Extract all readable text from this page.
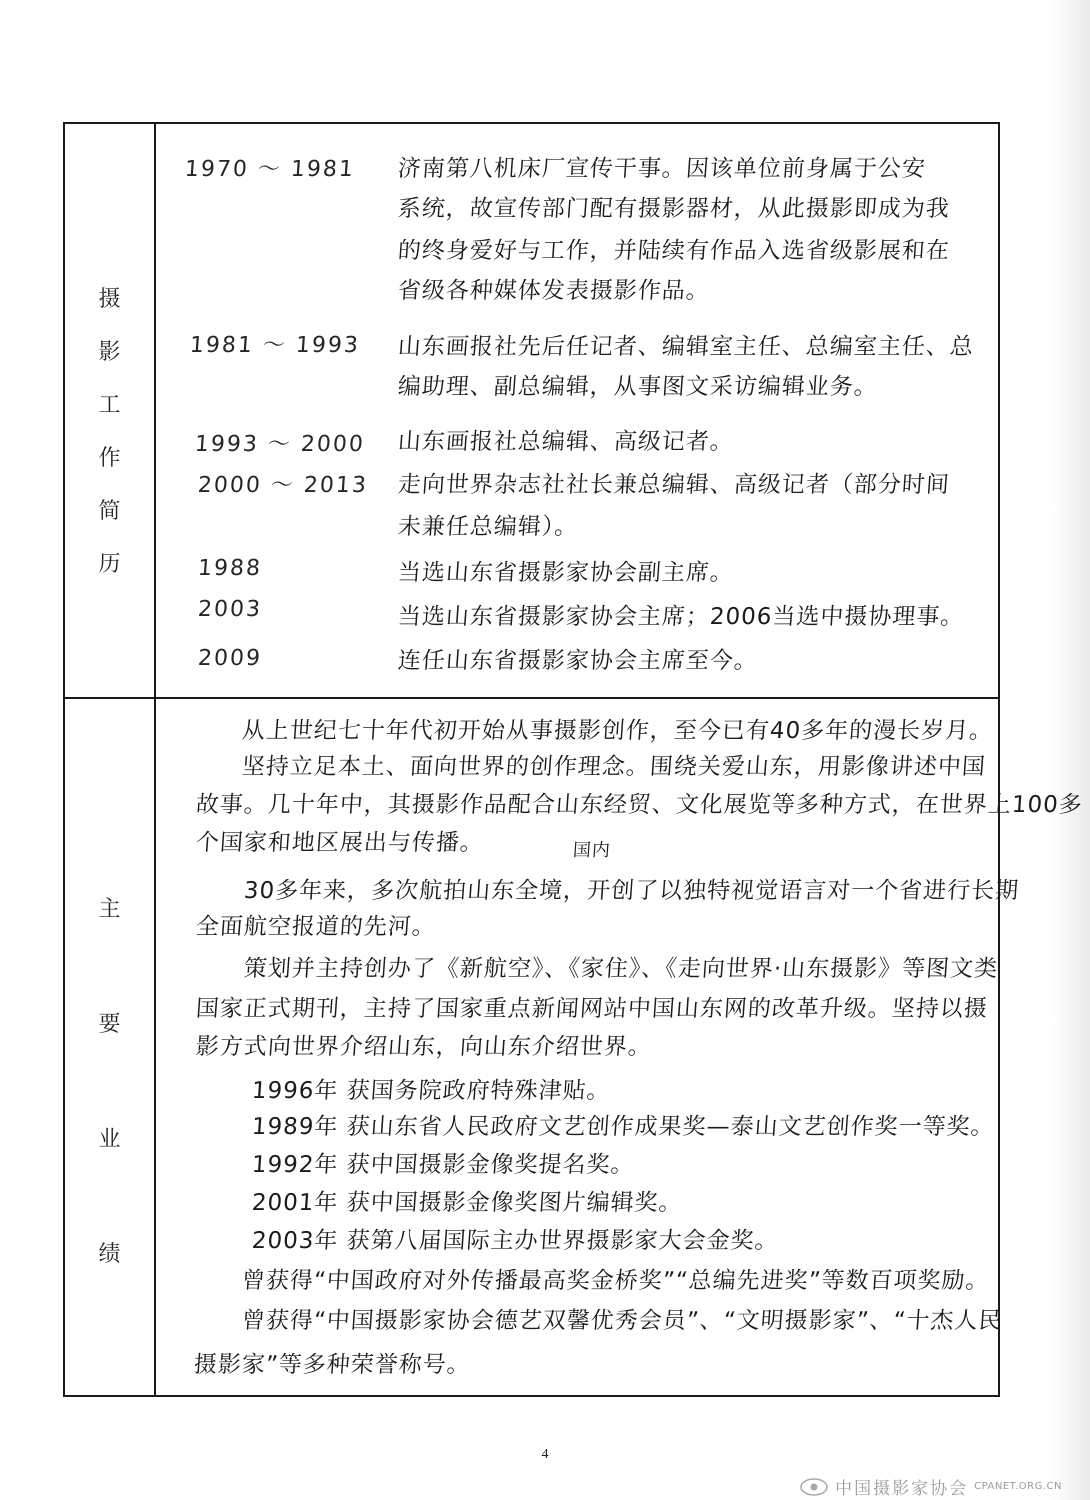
摄
影
工
作
简
历
主
要
业
绩
1970 ～ 1981 济南第八机床厂宣传干事。因该单位前身属于公安
系统，故宣传部门配有摄影器材，从此摄影即成为我
的终身爱好与工作，并陆续有作品入选省级影展和在
省级各种媒体发表摄影作品。
1981 ～ 1993 山东画报社先后任记者、编辑室主任、总编室主任、总
编助理、副总编辑，从事图文采访编辑业务。
1993 ～ 2000 山东画报社总编辑、高级记者。
2000 ～ 2013 走向世界杂志社社长兼总编辑、高级记者（部分时间
未兼任总编辑）。
1988	当选山东省摄影家协会副主席。
2003	当选山东省摄影家协会主席；2006当选中摄协理事。
2009	连任山东省摄影家协会主席至今。
从上世纪七十年代初开始从事摄影创作，至今已有40多年的漫长岁月。
坚持立足本土、面向世界的创作理念。围绕关爱山东，用影像讲述中国
故事。几十年中，其摄影作品配合山东经贸、文化展览等多种方式，在世界上100多
个国家和地区展出与传播。	国内
30多年来，多次航拍山东全境，开创了以独特视觉语言对一个省进行长期
全面航空报道的先河。
策划并主持创办了《新航空》、《家住》、《走向世界·山东摄影》等图文类
国家正式期刊，主持了国家重点新闻网站中国山东网的改革升级。坚持以摄
影方式向世界介绍山东，向山东介绍世界。
1996年 获国务院政府特殊津贴。
1989年 获山东省人民政府文艺创作成果奖—泰山文艺创作奖一等奖。
1992年 获中国摄影金像奖提名奖。
2001年 获中国摄影金像奖图片编辑奖。
2003年 获第八届国际主办世界摄影家大会金奖。
曾获得“中国政府对外传播最高奖金桥奖”“总编先进奖”等数百项奖励。
曾获得“中国摄影家协会德艺双馨优秀会员”、“文明摄影家”、“十杰人民
摄影家”等多种荣誉称号。
4
中国摄影家协会 CPANET.ORG.CN
